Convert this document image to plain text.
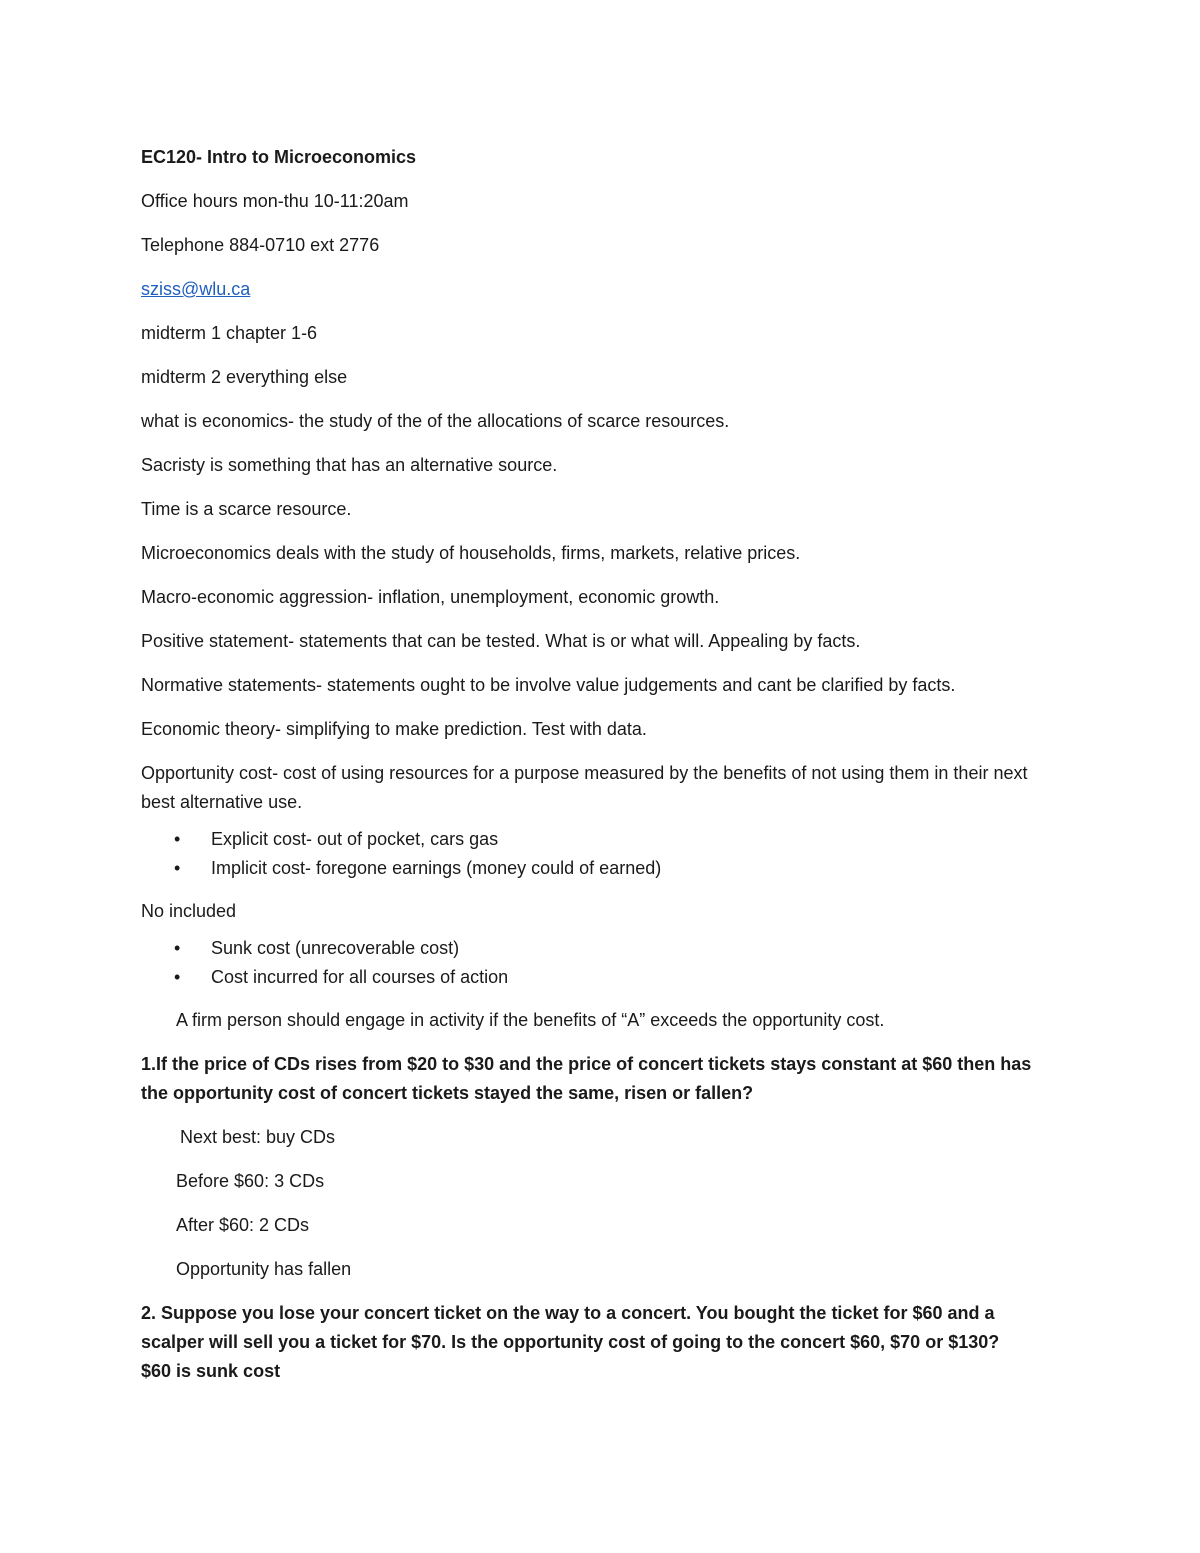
EC120- Intro to Microeconomics

Office hours mon-thu 10-11:20am

Telephone 884-0710 ext 2776

sziss@wlu.ca

midterm 1 chapter 1-6

midterm 2 everything else

what is economics- the study of the of the allocations of scarce resources.

Sacristy is something that has an alternative source.

Time is a scarce resource.

Microeconomics deals with the study of households, firms, markets, relative prices.

Macro-economic aggression- inflation, unemployment, economic growth.

Positive statement- statements that can be tested. What is or what will. Appealing by facts.

Normative statements- statements ought to be involve value judgements and cant be clarified by facts.

Economic theory- simplifying to make prediction. Test with data.

Opportunity cost- cost of using resources for a purpose measured by the benefits of not using them in their next best alternative use.

• Explicit cost- out of pocket, cars gas
• Implicit cost- foregone earnings (money could of earned)

No included

• Sunk cost (unrecoverable cost)
• Cost incurred for all courses of action

A firm person should engage in activity if the benefits of “A” exceeds the opportunity cost.

1.If the price of CDs rises from $20 to $30 and the price of concert tickets stays constant at $60 then has the opportunity cost of concert tickets stayed the same, risen or fallen?

Next best: buy CDs

Before $60: 3 CDs

After $60: 2 CDs

Opportunity has fallen

2. Suppose you lose your concert ticket on the way to a concert. You bought the ticket for $60 and a scalper will sell you a ticket for $70. Is the opportunity cost of going to the concert $60, $70 or $130?

$60 is sunk cost
